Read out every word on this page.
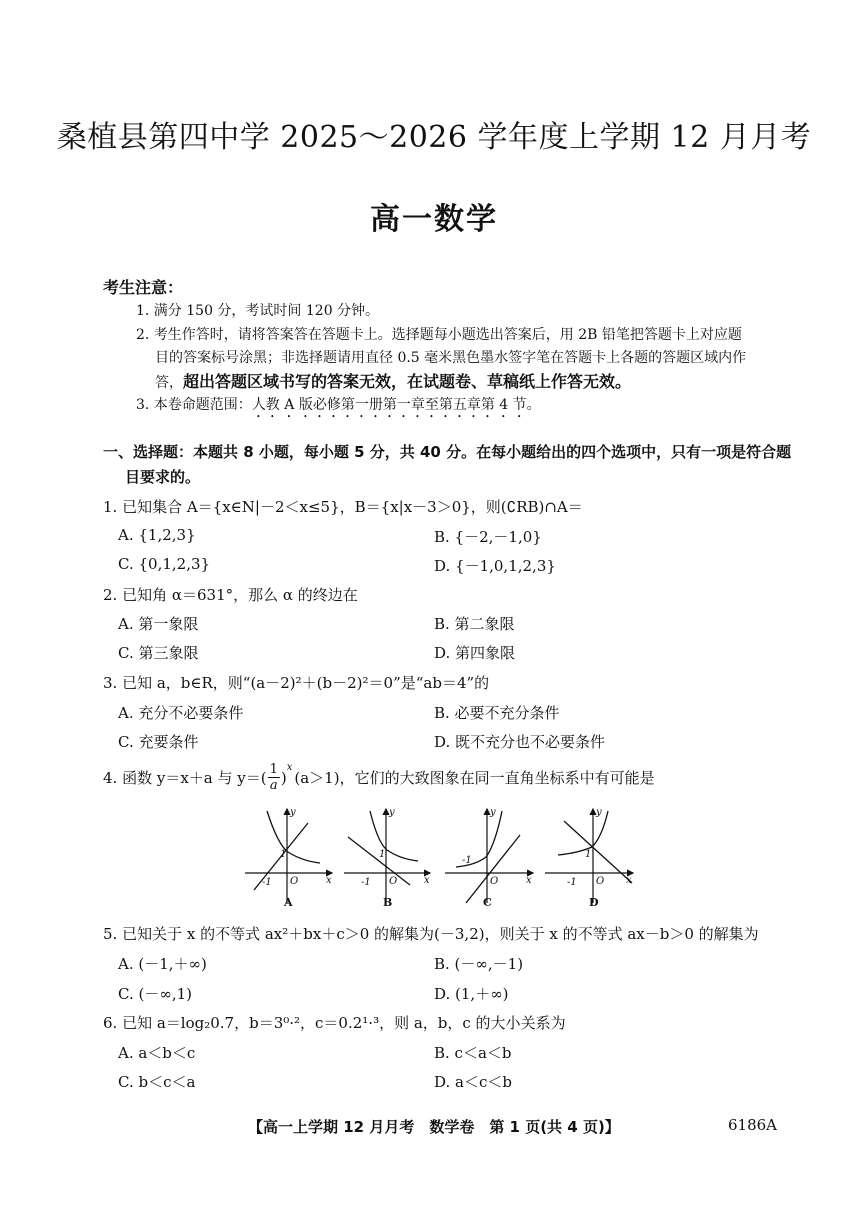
桑植县第四中学 2025～2026 学年度上学期 12 月月考
高一数学
考生注意：
1. 满分 150 分，考试时间 120 分钟。
2. 考生作答时，请将答案答在答题卡上。选择题每小题选出答案后，用 2B 铅笔把答题卡上对应题
目的答案标号涂黑；非选择题请用直径 0.5 毫米黑色墨水签字笔在答题卡上各题的答题区域内作
答，超出答题区域书写的答案无效，在试题卷、草稿纸上作答无效。
3. 本卷命题范围：人教 A 版必修第一册第一章至第五章第 4 节。
一、选择题：本题共 8 小题，每小题 5 分，共 40 分。在每小题给出的四个选项中，只有一项是符合题
目要求的。
1. 已知集合 A＝{x∈N|－2＜x≤5}，B＝{x|x－3＞0}，则(∁RB)∩A＝
A. {1,2,3}	B. {－2,－1,0}
C. {0,1,2,3}	D. {－1,0,1,2,3}
2. 已知角 α＝631°，那么 α 的终边在
A. 第一象限	B. 第二象限
C. 第三象限	D. 第四象限
3. 已知 a，b∈R，则“(a－2)²＋(b－2)²＝0”是“ab＝4”的
A. 充分不必要条件	B. 必要不充分条件
C. 充要条件	D. 既不充分也不必要条件
4. 函数 y＝x＋a 与 $y=( \frac{1}{a}$ )
x
(a＞1)，它们的大致图象在同一直角坐标系中有可能是
y
x
O
1
-1
A
y
x
O
1
-1
B
y
x
O
-1
C
y
x
O
1
-1
D
5. 已知关于 x 的不等式 ax²＋bx＋c＞0 的解集为(－3,2)，则关于 x 的不等式 ax－b＞0 的解集为
A. (－1,＋∞)	B. (－∞,－1)
C. (－∞,1)	D. (1,＋∞)
6. 已知 a＝log₂0.7，b＝3⁰·²，c＝0.2¹·³，则 a，b，c 的大小关系为
A. a＜b＜c	B. c＜a＜b
C. b＜c＜a	D. a＜c＜b
【高一上学期 12 月月考　数学卷　第 1 页(共 4 页)】	6186A
